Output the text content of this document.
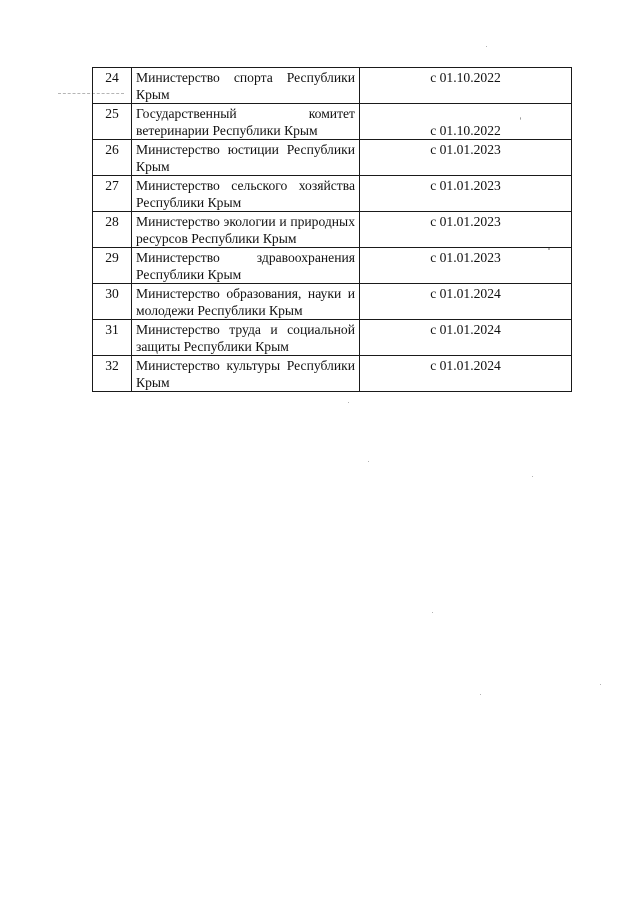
24	Министерство спорта Республики Крым	с 01.10.2022
25	Государственный комитет ветеринарии Республики Крым	с 01.10.2022
26	Министерство юстиции Республики Крым	с 01.01.2023
27	Министерство сельского хозяйства Республики Крым	с 01.01.2023
28	Министерство экологии и природных ресурсов Республики Крым	с 01.01.2023
29	Министерство здравоохранения Республики Крым	с 01.01.2023
30	Министерство образования, науки и молодежи Республики Крым	с 01.01.2024
31	Министерство труда и социальной защиты Республики Крым	с 01.01.2024
32	Министерство культуры Республики Крым	с 01.01.2024
